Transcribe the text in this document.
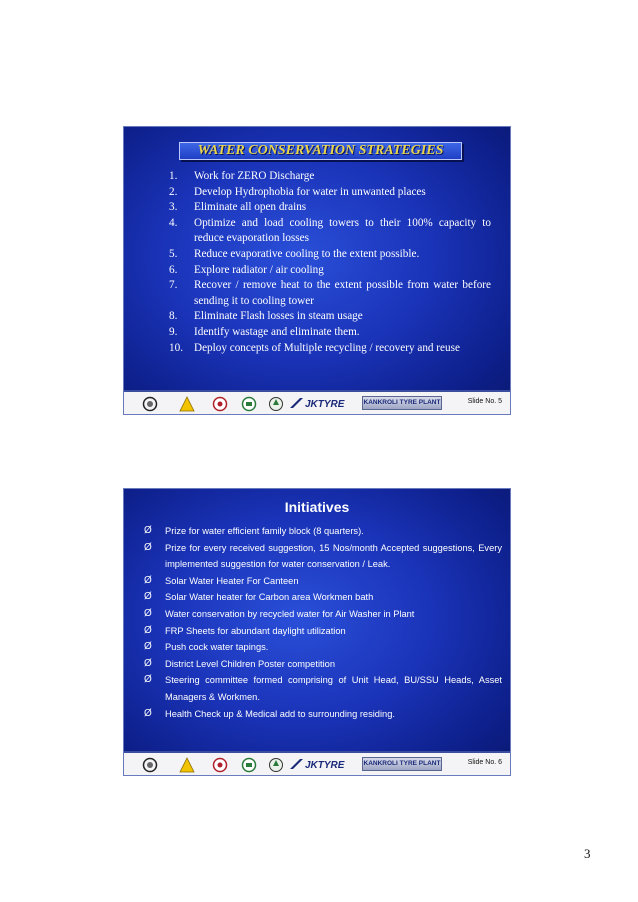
WATER CONSERVATION STRATEGIES
1. Work for ZERO Discharge
2. Develop Hydrophobia for water in unwanted places
3. Eliminate all open drains
4. Optimize and load cooling towers to their 100% capacity to reduce evaporation losses
5. Reduce evaporative cooling to the extent possible.
6. Explore radiator / air cooling
7. Recover / remove heat to the extent possible from water before sending it to cooling tower
8. Eliminate Flash losses in steam usage
9. Identify wastage and eliminate them.
10. Deploy concepts of Multiple recycling / recovery and reuse
JKTYRE	KANKROLI TYRE PLANT	Slide No. 5
Initiatives
Ø Prize for water efficient family block (8 quarters).
Ø Prize for every received suggestion, 15 Nos/month Accepted suggestions, Every implemented suggestion for water conservation / Leak.
Ø Solar Water Heater For Canteen
Ø Solar Water heater for Carbon area Workmen bath
Ø Water conservation by recycled water for Air Washer in Plant
Ø FRP Sheets for abundant daylight utilization
Ø Push cock water tapings.
Ø District Level Children Poster competition
Ø Steering committee formed comprising of Unit Head, BU/SSU Heads, Asset Managers & Workmen.
Ø Health Check up & Medical add to surrounding residing.
JKTYRE	KANKROLI TYRE PLANT	Slide No. 6
3
